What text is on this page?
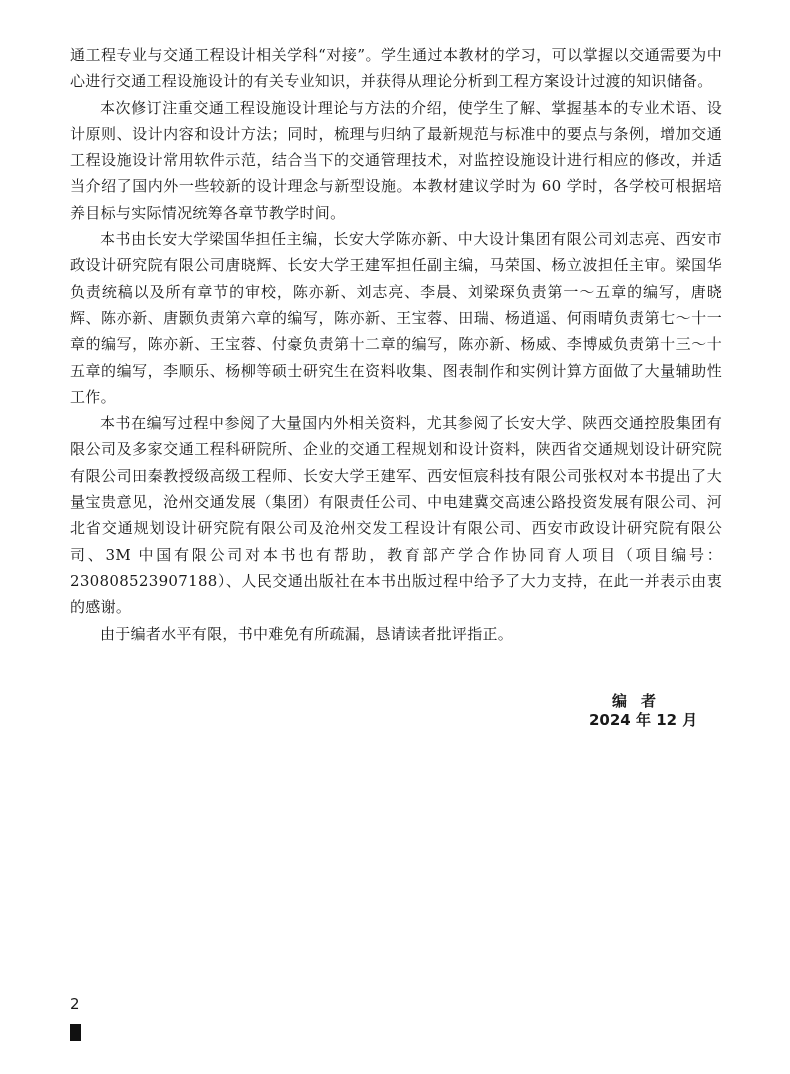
通工程专业与交通工程设计相关学科“对接”。学生通过本教材的学习，可以掌握以交通需要为中心进行交通工程设施设计的有关专业知识，并获得从理论分析到工程方案设计过渡的知识储备。

本次修订注重交通工程设施设计理论与方法的介绍，使学生了解、掌握基本的专业术语、设计原则、设计内容和设计方法；同时，梳理与归纳了最新规范与标准中的要点与条例，增加交通工程设施设计常用软件示范，结合当下的交通管理技术，对监控设施设计进行相应的修改，并适当介绍了国内外一些较新的设计理念与新型设施。本教材建议学时为 60 学时，各学校可根据培养目标与实际情况统筹各章节教学时间。

本书由长安大学梁国华担任主编，长安大学陈亦新、中大设计集团有限公司刘志亮、西安市政设计研究院有限公司唐晓辉、长安大学王建军担任副主编，马荣国、杨立波担任主审。梁国华负责统稿以及所有章节的审校，陈亦新、刘志亮、李晨、刘梁琛负责第一～五章的编写，唐晓辉、陈亦新、唐颢负责第六章的编写，陈亦新、王宝蓉、田瑞、杨逍遥、何雨晴负责第七～十一章的编写，陈亦新、王宝蓉、付豪负责第十二章的编写，陈亦新、杨威、李博威负责第十三～十五章的编写，李顺乐、杨柳等硕士研究生在资料收集、图表制作和实例计算方面做了大量辅助性工作。

本书在编写过程中参阅了大量国内外相关资料，尤其参阅了长安大学、陕西交通控股集团有限公司及多家交通工程科研院所、企业的交通工程规划和设计资料，陕西省交通规划设计研究院有限公司田秦教授级高级工程师、长安大学王建军、西安恒宸科技有限公司张权对本书提出了大量宝贵意见，沧州交通发展（集团）有限责任公司、中电建冀交高速公路投资发展有限公司、河北省交通规划设计研究院有限公司及沧州交发工程设计有限公司、西安市政设计研究院有限公司、3M 中国有限公司对本书也有帮助，教育部产学合作协同育人项目（项目编号：230808523907188）、人民交通出版社在本书出版过程中给予了大力支持，在此一并表示由衷的感谢。

由于编者水平有限，书中难免有所疏漏，恳请读者批评指正。

编者
2024 年 12 月
2
